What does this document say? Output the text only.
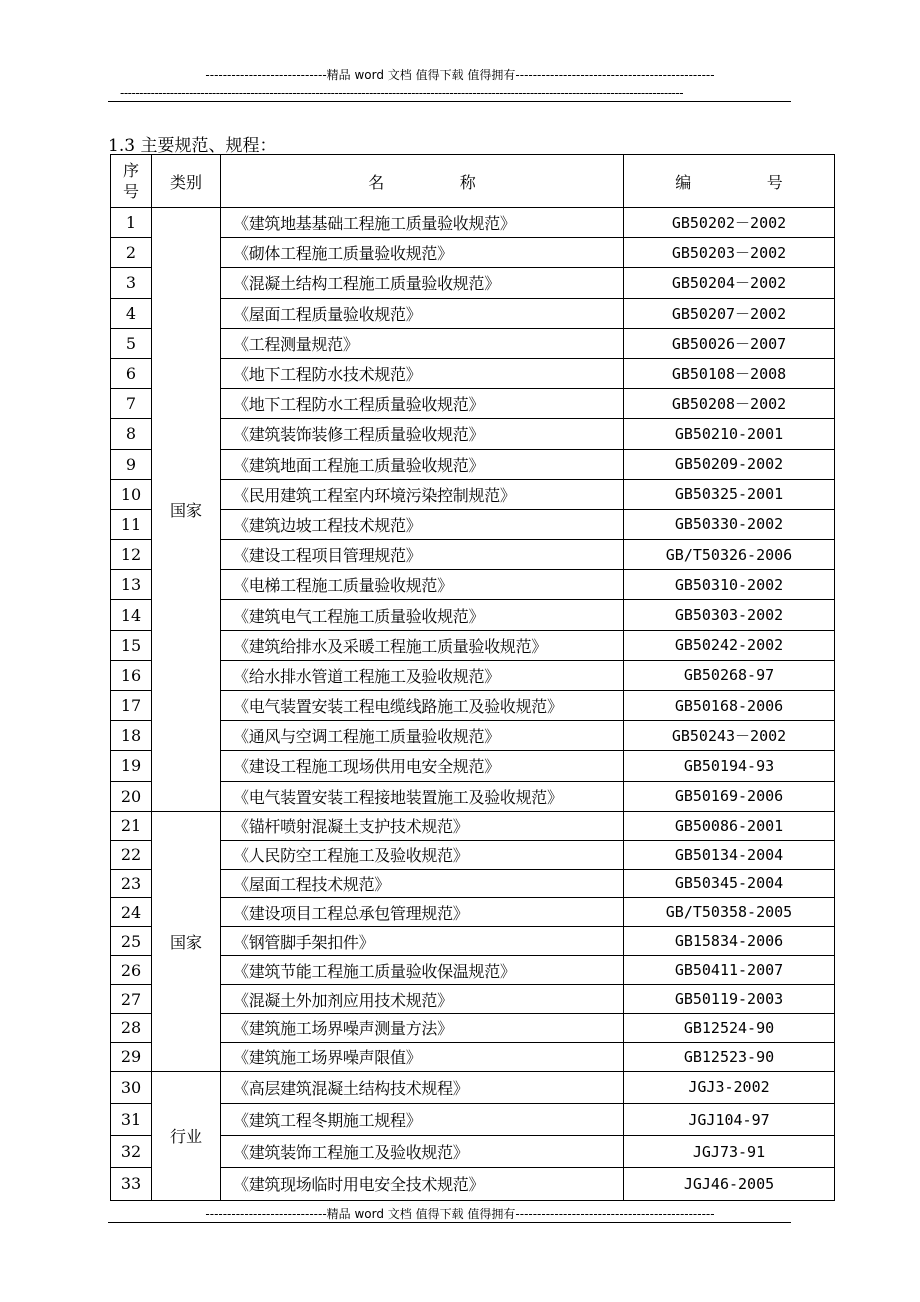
----------------------------精品 word 文档 值得下载 值得拥有----------------------------------------------
---------------------------------------------------------------------------------------------------------------------------------------------------
1.3 主要规范、规程：
序
号	类别	名 称	编 号
1	国家	《建筑地基基础工程施工质量验收规范》	GB50202－2002
2		《砌体工程施工质量验收规范》	GB50203－2002
3		《混凝土结构工程施工质量验收规范》	GB50204－2002
4		《屋面工程质量验收规范》	GB50207－2002
5		《工程测量规范》	GB50026－2007
6		《地下工程防水技术规范》	GB50108－2008
7		《地下工程防水工程质量验收规范》	GB50208－2002
8		《建筑装饰装修工程质量验收规范》	GB50210-2001
9		《建筑地面工程施工质量验收规范》	GB50209-2002
10		《民用建筑工程室内环境污染控制规范》	GB50325-2001
11		《建筑边坡工程技术规范》	GB50330-2002
12		《建设工程项目管理规范》	GB/T50326-2006
13		《电梯工程施工质量验收规范》	GB50310-2002
14		《建筑电气工程施工质量验收规范》	GB50303-2002
15		《建筑给排水及采暖工程施工质量验收规范》	GB50242-2002
16		《给水排水管道工程施工及验收规范》	GB50268-97
17		《电气装置安装工程电缆线路施工及验收规范》	GB50168-2006
18		《通风与空调工程施工质量验收规范》	GB50243－2002
19		《建设工程施工现场供用电安全规范》	GB50194-93
20		《电气装置安装工程接地装置施工及验收规范》	GB50169-2006
21	国家	《锚杆喷射混凝土支护技术规范》	GB50086-2001
22		《人民防空工程施工及验收规范》	GB50134-2004
23		《屋面工程技术规范》	GB50345-2004
24		《建设项目工程总承包管理规范》	GB/T50358-2005
25		《钢管脚手架扣件》	GB15834-2006
26		《建筑节能工程施工质量验收保温规范》	GB50411-2007
27		《混凝土外加剂应用技术规范》	GB50119-2003
28		《建筑施工场界噪声测量方法》	GB12524-90
29		《建筑施工场界噪声限值》	GB12523-90
30	行业	《高层建筑混凝土结构技术规程》	JGJ3-2002
31		《建筑工程冬期施工规程》	JGJ104-97
32		《建筑装饰工程施工及验收规范》	JGJ73-91
33		《建筑现场临时用电安全技术规范》	JGJ46-2005
----------------------------精品 word 文档 值得下载 值得拥有----------------------------------------------
